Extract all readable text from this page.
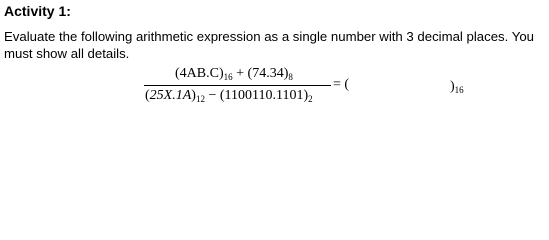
Activity 1:
Evaluate the following arithmetic expression as a single number with 3 decimal places. You
must show all details.
$(4AB.C)_{16} + (74.34)_8$
$(25X.1A)_{12} - (1100110.1101)_2$
= (	)$_{16}$
